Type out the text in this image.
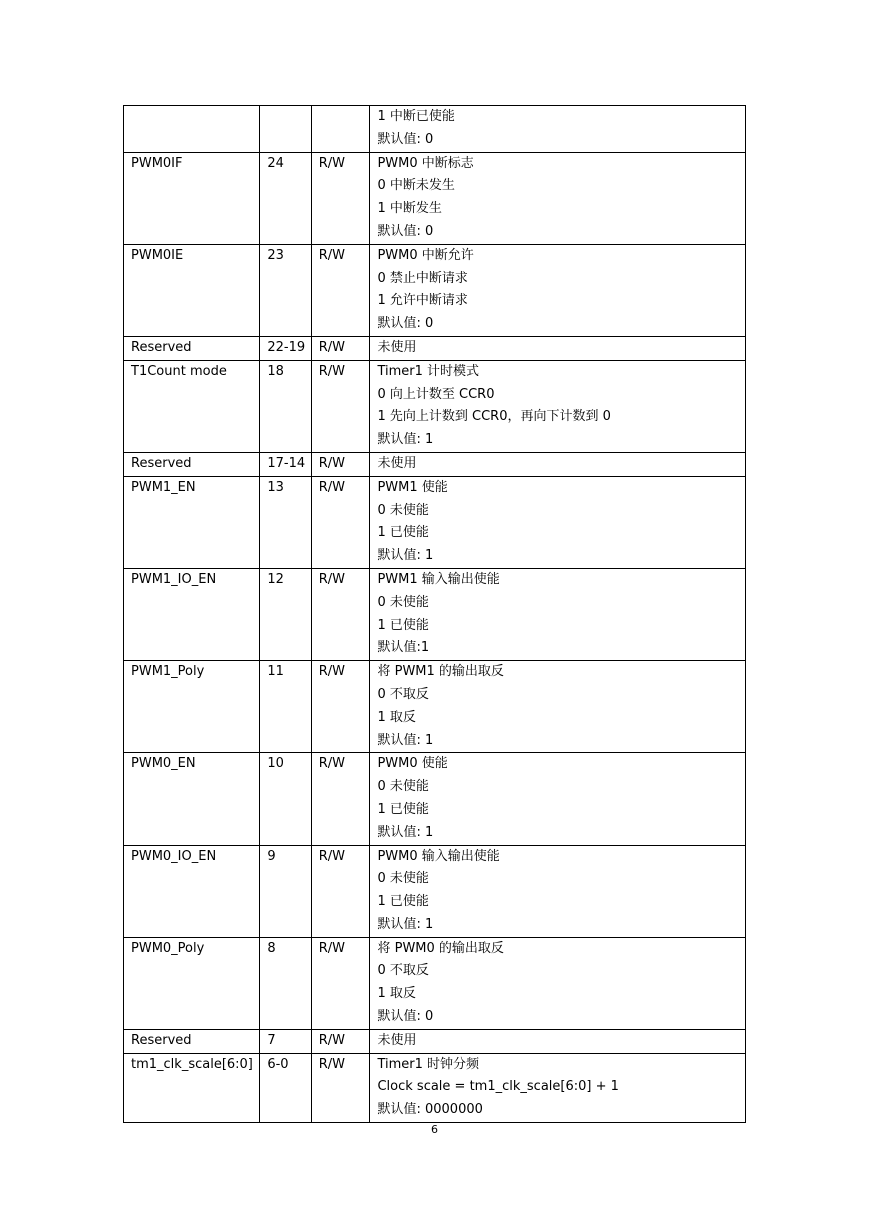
			1 中断已使能
默认值: 0

PWM0IF	24	R/W	PWM0 中断标志
0 中断未发生
1 中断发生
默认值: 0

PWM0IE	23	R/W	PWM0 中断允许
0 禁止中断请求
1 允许中断请求
默认值: 0

Reserved	22-19	R/W	未使用

T1Count mode	18	R/W	Timer1 计时模式
0 向上计数至 CCR0
1 先向上计数到 CCR0，再向下计数到 0
默认值: 1

Reserved	17-14	R/W	未使用

PWM1_EN	13	R/W	PWM1 使能
0 未使能
1 已使能
默认值: 1

PWM1_IO_EN	12	R/W	PWM1 输入输出使能
0 未使能
1 已使能
默认值:1

PWM1_Poly	11	R/W	将 PWM1 的输出取反
0 不取反
1 取反
默认值: 1

PWM0_EN	10	R/W	PWM0 使能
0 未使能
1 已使能
默认值: 1

PWM0_IO_EN	9	R/W	PWM0 输入输出使能
0 未使能
1 已使能
默认值: 1

PWM0_Poly	8	R/W	将 PWM0 的输出取反
0 不取反
1 取反
默认值: 0

Reserved	7	R/W	未使用

tm1_clk_scale[6:0]	6-0	R/W	Timer1 时钟分频
Clock scale = tm1_clk_scale[6:0] + 1
默认值: 0000000
6
